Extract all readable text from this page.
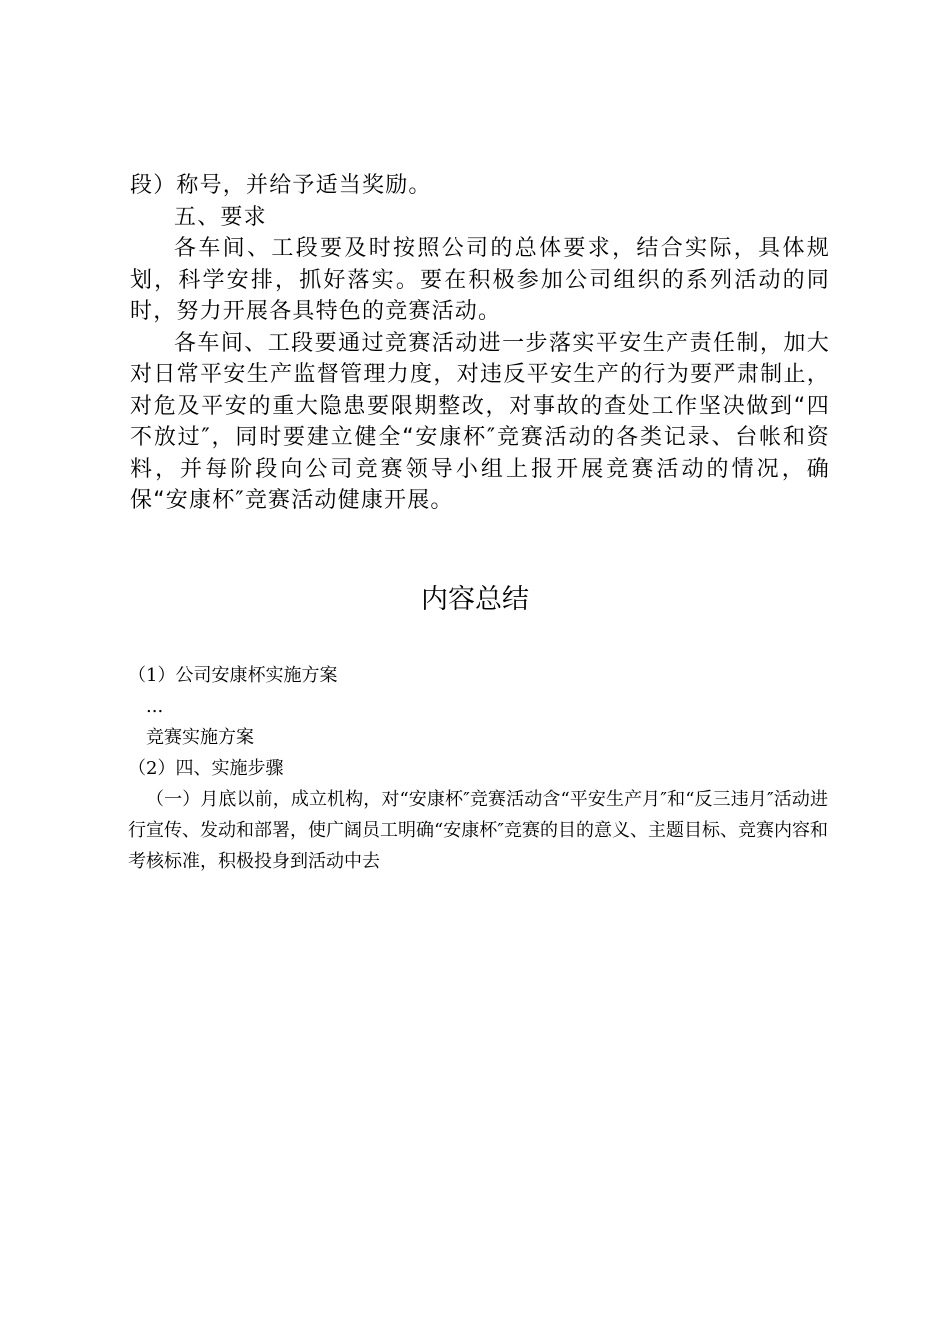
段）称号，并给予适当奖励。

五、要求

各车间、工段要及时按照公司的总体要求，结合实际，具体规划，科学安排，抓好落实。要在积极参加公司组织的系列活动的同时，努力开展各具特色的竞赛活动。

各车间、工段要通过竞赛活动进一步落实平安生产责任制，加大对日常平安生产监督管理力度，对违反平安生产的行为要严肃制止，对危及平安的重大隐患要限期整改，对事故的查处工作坚决做到“四不放过″，同时要建立健全“安康杯″竞赛活动的各类记录、台帐和资料，并每阶段向公司竞赛领导小组上报开展竞赛活动的情况，确保“安康杯″竞赛活动健康开展。

内容总结

（1）公司安康杯实施方案

...

竞赛实施方案

（2）四、实施步骤

（一）月底以前，成立机构，对“安康杯″竞赛活动含“平安生产月″和“反三违月″活动进行宣传、发动和部署，使广阔员工明确“安康杯″竞赛的目的意义、主题目标、竞赛内容和考核标准，积极投身到活动中去
